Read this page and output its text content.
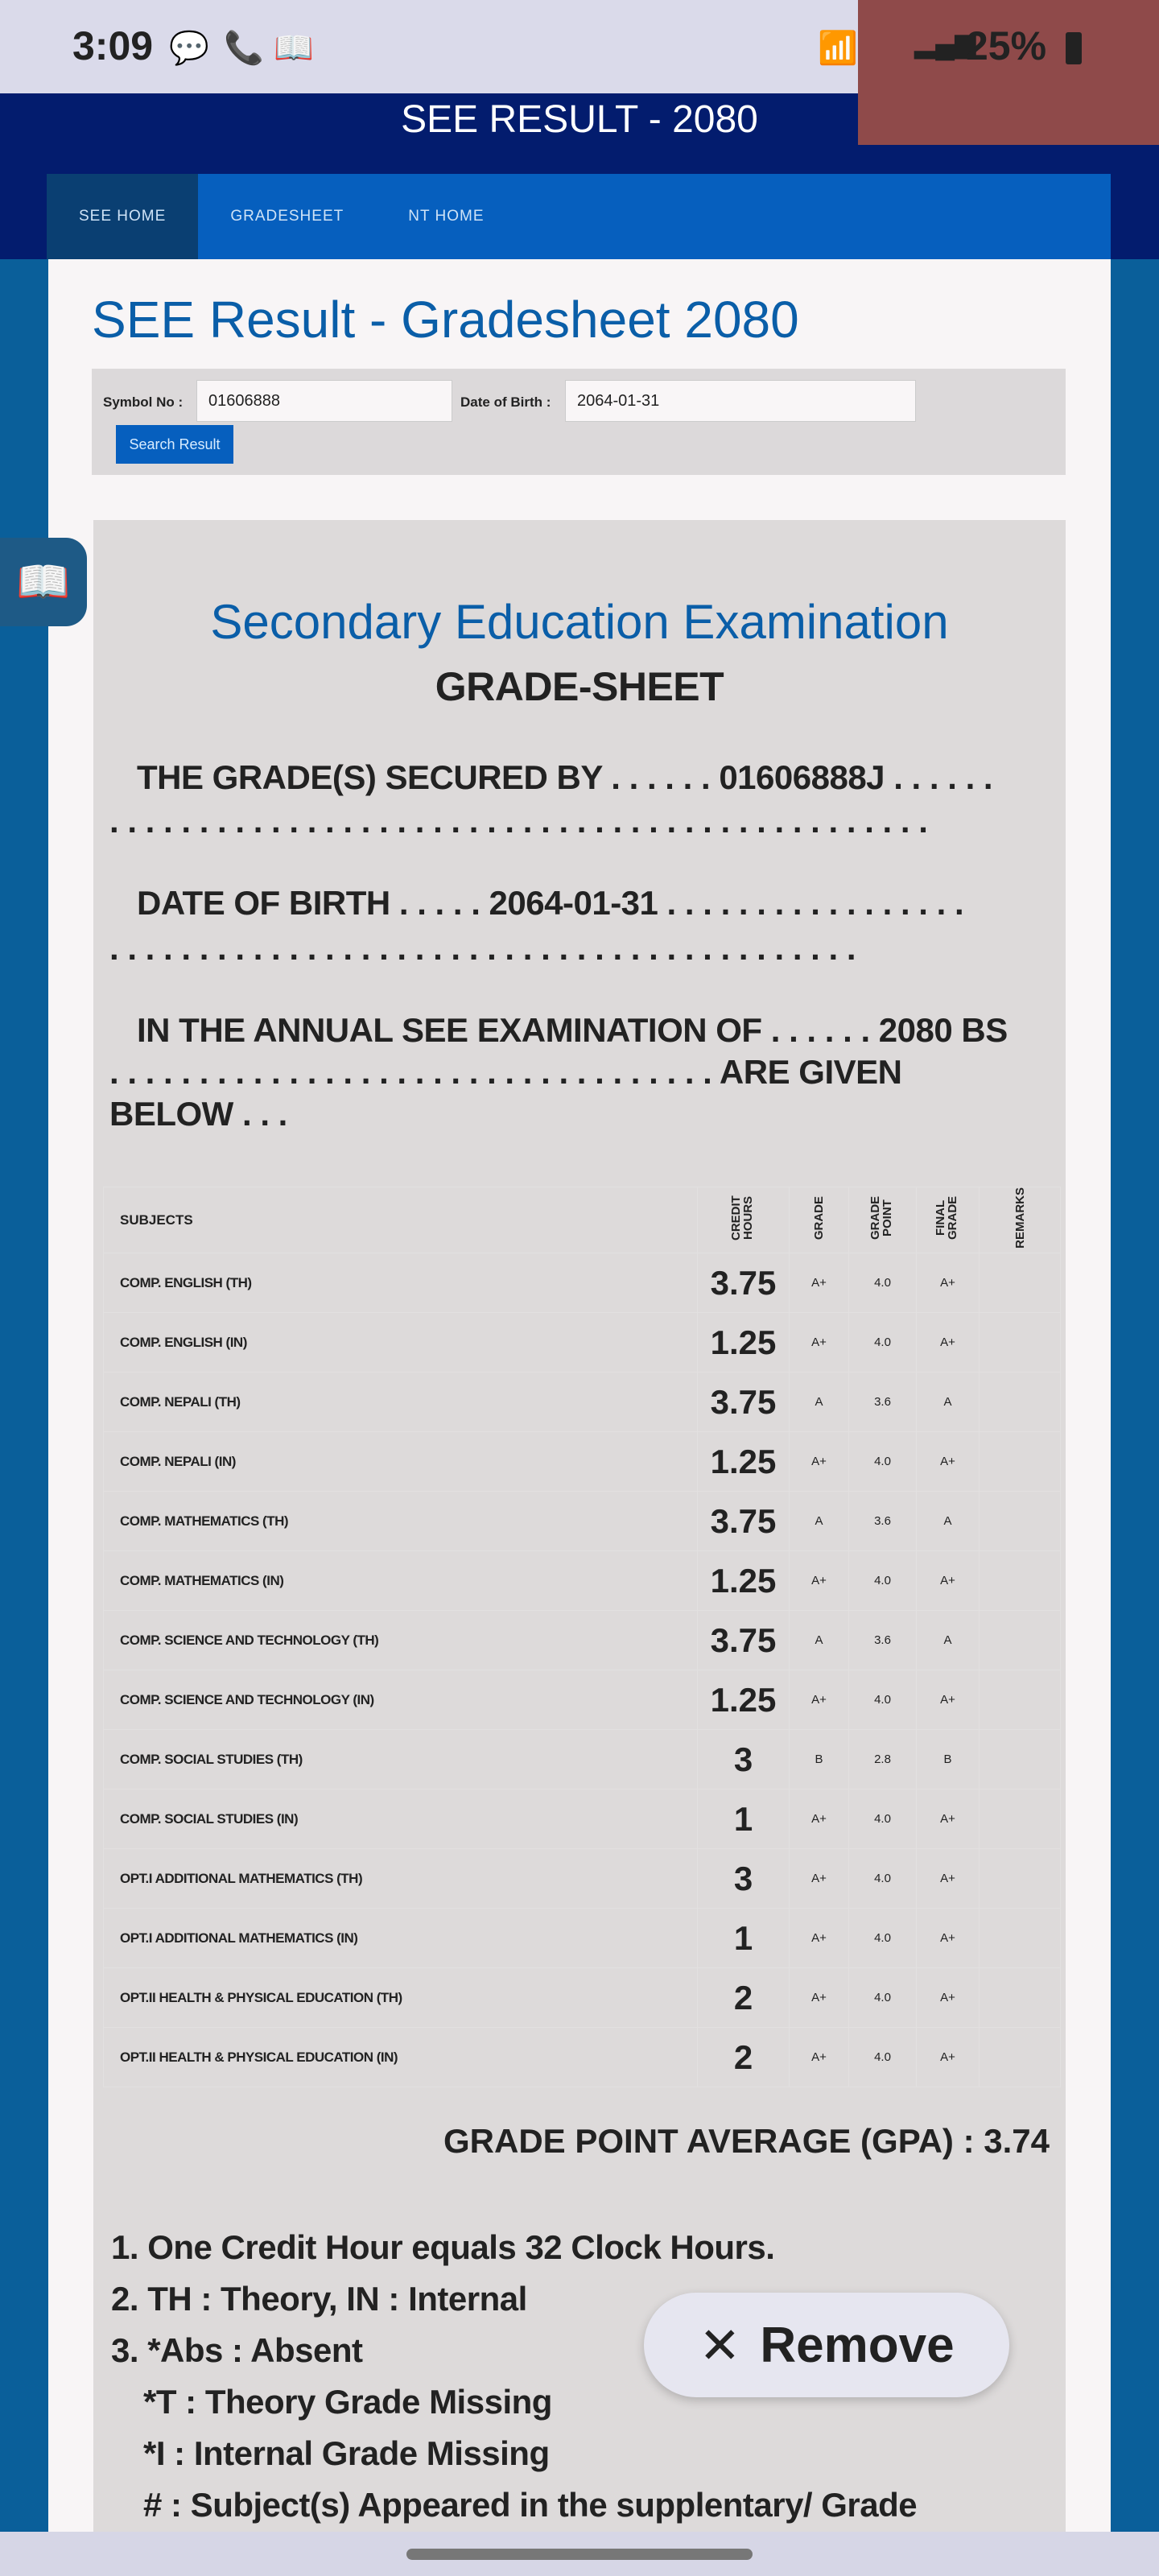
3:09 💬 📞 📖	📶
SEE RESULT - 2080
SEE HOME	GRADESHEET	NT HOME
▂▄▆
25%
SEE Result - Gradesheet 2080
Symbol No :	01606888	Date of Birth :	2064-01-31
Search Result
Secondary Education Examination
GRADE-SHEET
THE GRADE(S) SECURED BY . . . . . . 01606888J . . . . . .
. . . . . . . . . . . . . . . . . . . . . . . . . . . . . . . . . . . . . . . . . . . . . .
DATE OF BIRTH . . . . . 2064-01-31 . . . . . . . . . . . . . . . . .
. . . . . . . . . . . . . . . . . . . . . . . . . . . . . . . . . . . . . . . . . .
IN THE ANNUAL SEE EXAMINATION OF . . . . . . 2080 BS
. . . . . . . . . . . . . . . . . . . . . . . . . . . . . . . . . . ARE GIVEN
BELOW . . .
SUBJECTS	CREDIT HOURS	GRADE	GRADE POINT	FINAL GRADE	REMARKS
COMP. ENGLISH (TH)	3.75	A+	4.0	A+	
COMP. ENGLISH (IN)	1.25	A+	4.0	A+	
COMP. NEPALI (TH)	3.75	A	3.6	A	
COMP. NEPALI (IN)	1.25	A+	4.0	A+	
COMP. MATHEMATICS (TH)	3.75	A	3.6	A	
COMP. MATHEMATICS (IN)	1.25	A+	4.0	A+	
COMP. SCIENCE AND TECHNOLOGY (TH)	3.75	A	3.6	A	
COMP. SCIENCE AND TECHNOLOGY (IN)	1.25	A+	4.0	A+	
COMP. SOCIAL STUDIES (TH)	3	B	2.8	B	
COMP. SOCIAL STUDIES (IN)	1	A+	4.0	A+	
OPT.I ADDITIONAL MATHEMATICS (TH)	3	A+	4.0	A+	
OPT.I ADDITIONAL MATHEMATICS (IN)	1	A+	4.0	A+	
OPT.II HEALTH & PHYSICAL EDUCATION (TH)	2	A+	4.0	A+	
OPT.II HEALTH & PHYSICAL EDUCATION (IN)	2	A+	4.0	A+	
GRADE POINT AVERAGE (GPA) : 3.74
1. One Credit Hour equals 32 Clock Hours.
2. TH : Theory, IN : Internal
3. *Abs : Absent
*T : Theory Grade Missing
*I : Internal Grade Missing
# : Subject(s) Appeared in the supplentary/ Grade
📖
✕ Remove
